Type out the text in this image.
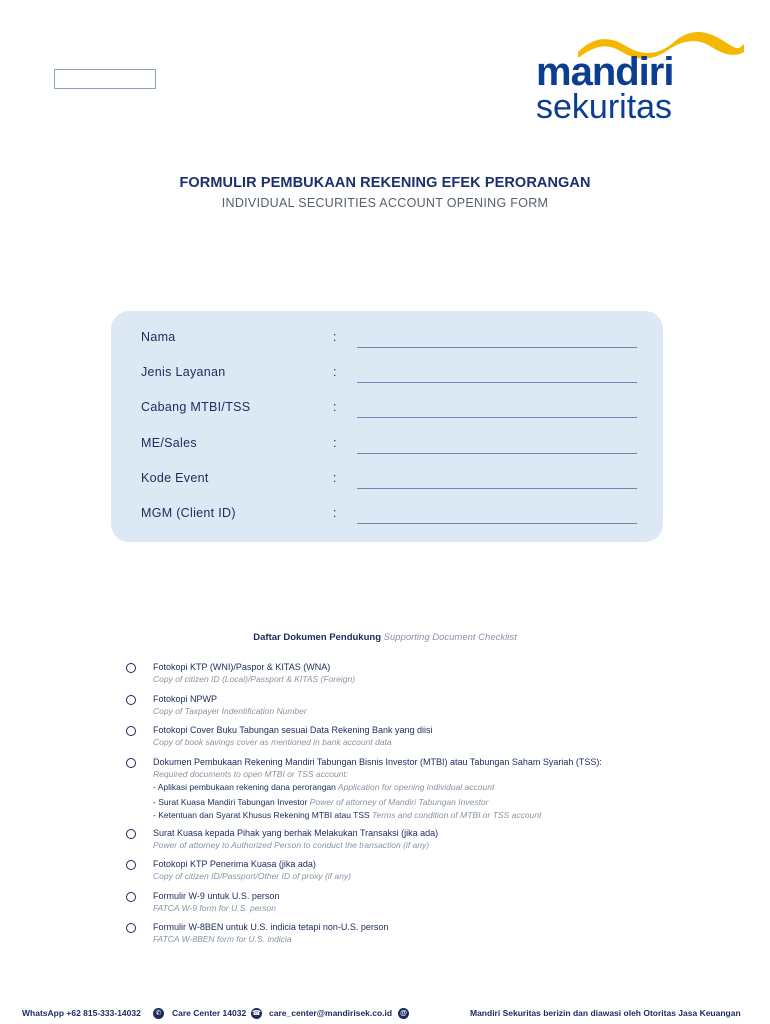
mandiri
sekuritas
FORMULIR PEMBUKAAN REKENING EFEK PERORANGAN
INDIVIDUAL SECURITIES ACCOUNT OPENING FORM
Nama	:
Jenis Layanan	:
Cabang MTBI/TSS	:
ME/Sales	:
Kode Event	:
MGM (Client ID)	:
Daftar Dokumen Pendukung Supporting Document Checklist
Fotokopi KTP (WNI)/Paspor & KITAS (WNA)
Copy of citizen ID (Local)/Passport & KITAS (Foreign)
Fotokopi NPWP
Copy of Taxpayer Indentification Number
Fotokopi Cover Buku Tabungan sesuai Data Rekening Bank yang diisi
Copy of book savings cover as mentioned in bank account data
Dokumen Pembukaan Rekening Mandiri Tabungan Bisnis Investor (MTBI) atau Tabungan Saham Syariah (TSS):
Required documents to open MTBI or TSS account:
- Aplikasi pembukaan rekening dana perorangan Application for opening individual account
- Surat Kuasa Mandiri Tabungan Investor Power of attorney of Mandiri Tabungan Investor
- Ketentuan dan Syarat Khusus Rekening MTBI atau TSS Terms and condition of MTBI or TSS account
Surat Kuasa kepada Pihak yang berhak Melakukan Transaksi (jika ada)
Power of attorney to Authorized Person to conduct the transaction (if any)
Fotokopi KTP Penerima Kuasa (jika ada)
Copy of citizen ID/Passport/Other ID of proxy (if any)
Formulir W-9 untuk U.S. person
FATCA W-9 form for U.S. person
Formulir W-8BEN untuk U.S. indicia tetapi non-U.S. person
FATCA W-8BEN form for U.S. indicia
WhatsApp +62 815-333-14032	✆	Care Center 14032 ☎ care_center@mandirisek.co.id @	Mandiri Sekuritas berizin dan diawasi oleh Otoritas Jasa Keuangan
